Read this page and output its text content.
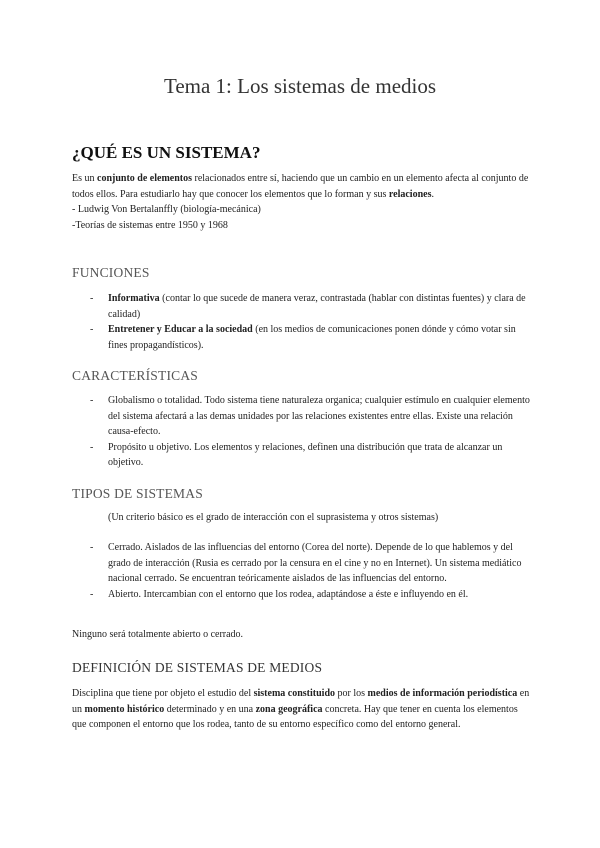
Tema 1: Los sistemas de medios
¿QUÉ ES UN SISTEMA?

Es un conjunto de elementos relacionados entre sí, haciendo que un cambio en un elemento afecta al conjunto de todos ellos. Para estudiarlo hay que conocer los elementos que lo forman y sus relaciones.
- Ludwig Von Bertalanffly (biología-mecánica)
-Teorías de sistemas entre 1950 y 1968

FUNCIONES
- Informativa (contar lo que sucede de manera veraz, contrastada (hablar con distintas fuentes) y clara de calidad)
- Entretener y Educar a la sociedad (en los medios de comunicaciones ponen dónde y cómo votar sin fines propagandísticos).
CARACTERÍSTICAS
- Globalismo o totalidad. Todo sistema tiene naturaleza organica; cualquier estímulo en cualquier elemento del sistema afectará a las demas unidades por las relaciones existentes entre ellas. Existe una relación causa-efecto.
- Propósito u objetivo. Los elementos y relaciones, definen una distribución que trata de alcanzar un objetivo.
TIPOS DE SISTEMAS

(Un criterio básico es el grado de interacción con el suprasistema y otros sistemas)

- Cerrado. Aislados de las influencias del entorno (Corea del norte). Depende de lo que hablemos y del grado de interacción (Rusia es cerrado por la censura en el cine y no en Internet). Un sistema mediático nacional cerrado. Se encuentran teóricamente aislados de las influencias del entorno.
- Abierto. Intercambian con el entorno que los rodea, adaptándose a éste e influyendo en él.

Ninguno será totalmente abierto o cerrado.

DEFINICIÓN DE SISTEMAS DE MEDIOS

Disciplina que tiene por objeto el estudio del sistema constituido por los medios de información periodística en un momento histórico determinado y en una zona geográfica concreta. Hay que tener en cuenta los elementos que componen el entorno que los rodea, tanto de su entorno específico como del entorno general.
